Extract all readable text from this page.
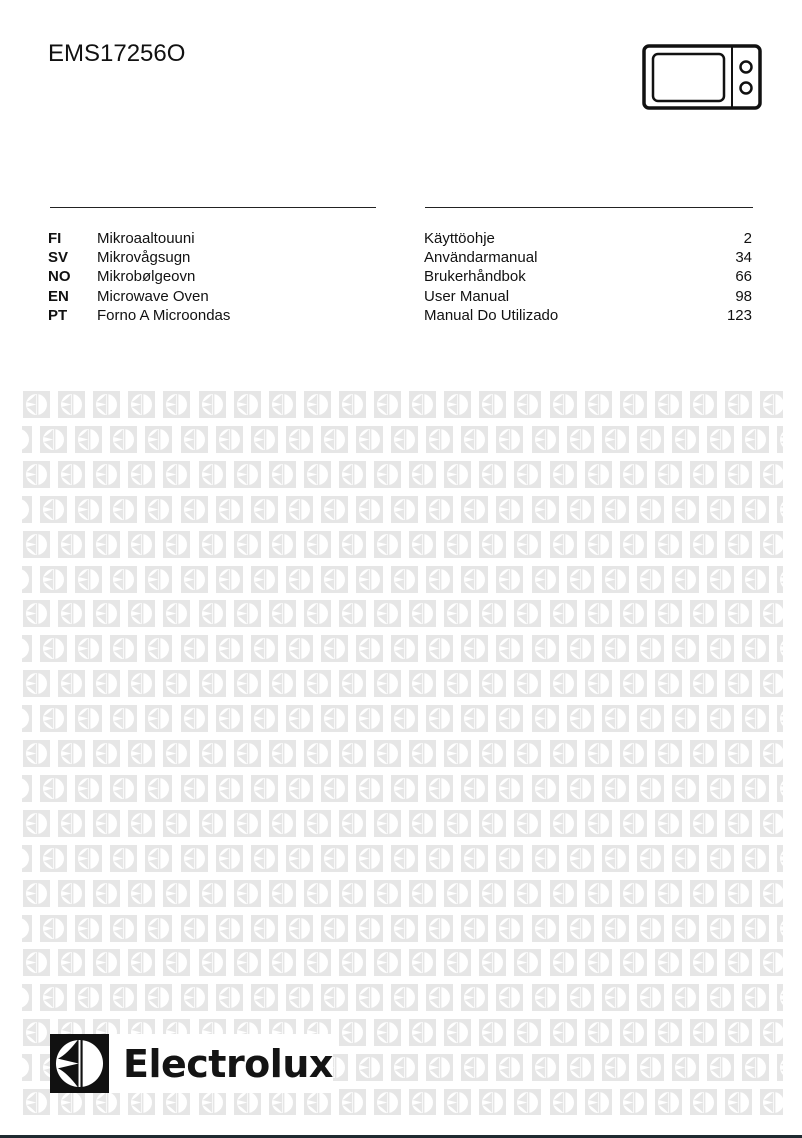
EMS17256O
FI Mikroaaltouuni	Käyttöohje	2
SV Mikrovågsugn	Användarmanual	34
NO Mikrobølgeovn	Brukerhåndbok	66
EN Microwave Oven	User Manual	98
PT Forno A Microondas	Manual Do Utilizado	123
Electrolux
